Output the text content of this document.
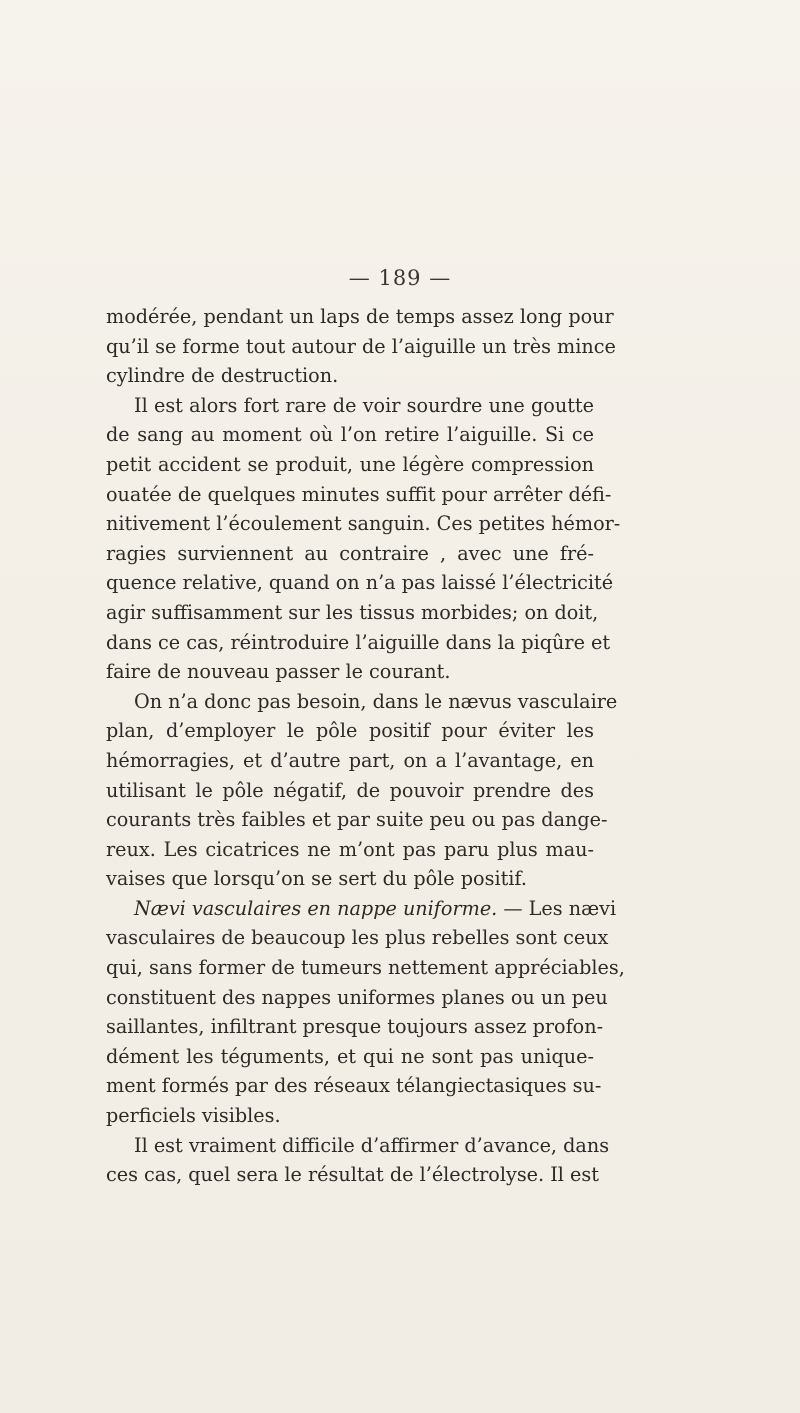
— 189 —
modérée, pendant un laps de temps assez long pour
qu’il se forme tout autour de l’aiguille un très mince
cylindre de destruction.
Il est alors fort rare de voir sourdre une goutte
de sang au moment où l’on retire l’aiguille. Si ce
petit accident se produit, une légère compression
ouatée de quelques minutes suffit pour arrêter défi-
nitivement l’écoulement sanguin. Ces petites hémor-
ragies surviennent au contraire , avec une fré-
quence relative, quand on n’a pas laissé l’électricité
agir suffisamment sur les tissus morbides; on doit,
dans ce cas, réintroduire l’aiguille dans la piqûre et
faire de nouveau passer le courant.
On n’a donc pas besoin, dans le nævus vasculaire
plan, d’employer le pôle positif pour éviter les
hémorragies, et d’autre part, on a l’avantage, en
utilisant le pôle négatif, de pouvoir prendre des
courants très faibles et par suite peu ou pas dange-
reux. Les cicatrices ne m’ont pas paru plus mau-
vaises que lorsqu’on se sert du pôle positif.
Nævi vasculaires en nappe uniforme. — Les nævi
vasculaires de beaucoup les plus rebelles sont ceux
qui, sans former de tumeurs nettement appréciables,
constituent des nappes uniformes planes ou un peu
saillantes, infiltrant presque toujours assez profon-
dément les téguments, et qui ne sont pas unique-
ment formés par des réseaux télangiectasiques su-
perficiels visibles.
Il est vraiment difficile d’affirmer d’avance, dans
ces cas, quel sera le résultat de l’électrolyse. Il est
